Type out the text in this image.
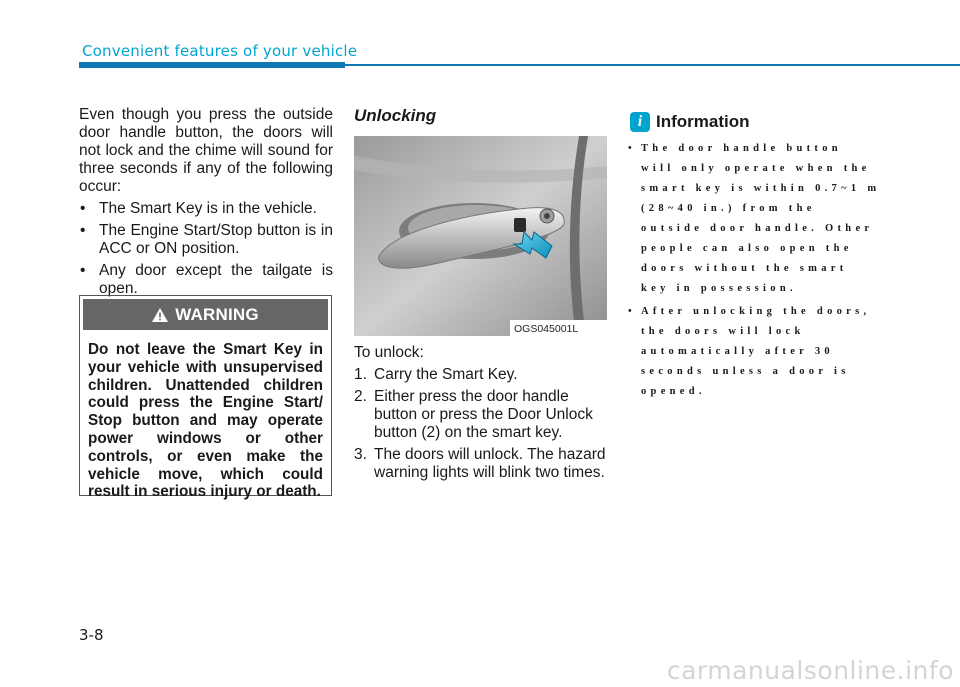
Convenient features of your vehicle

Even though you press the outside door handle button, the doors will not lock and the chime will sound for three seconds if any of the following occur:

• The Smart Key is in the vehicle.
• The Engine Start/Stop button is in ACC or ON position.
• Any door except the tailgate is open.
WARNING
Do not leave the Smart Key in your vehicle with unsupervised children. Unattended children could press the Engine Start/ Stop button and may operate power windows or other controls, or even make the vehicle move, which could result in serious injury or death.
Unlocking
OGS045001L

To unlock:

1. Carry the Smart Key.
2. Either press the door handle button or press the Door Unlock button (2) on the smart key.
3. The doors will unlock. The hazard warning lights will blink two times.
i Information
• The door handle button will only operate when the smart key is within 0.7~1 m (28~40 in.) from the outside door handle. Other people can also open the doors without the smart key in possession.
• After unlocking the doors, the doors will lock automatically after 30 seconds unless a door is opened.
3-8
carmanualsonline.info
